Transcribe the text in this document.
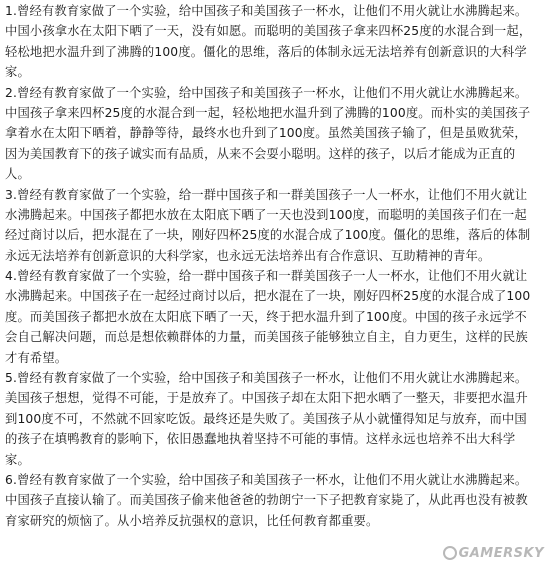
1.曾经有教育家做了一个实验，给中国孩子和美国孩子一杯水，让他们不用火就让水沸腾起来。
中国小孩拿水在太阳下晒了一天，没有如愿。而聪明的美国孩子拿来四杯25度的水混合到一起，
轻松地把水温升到了沸腾的100度。僵化的思维，落后的体制永远无法培养有创新意识的大科学
家。
2.曾经有教育家做了一个实验，给中国孩子和美国孩子一杯水，让他们不用火就让水沸腾起来。
中国孩子拿来四杯25度的水混合到一起，轻松地把水温升到了沸腾的100度。而朴实的美国孩子
拿着水在太阳下晒着，静静等待，最终水也升到了100度。虽然美国孩子输了，但是虽败犹荣，
因为美国教育下的孩子诚实而有品质，从来不会耍小聪明。这样的孩子，以后才能成为正直的
人。
3.曾经有教育家做了一个实验，给一群中国孩子和一群美国孩子一人一杯水，让他们不用火就让
水沸腾起来。中国孩子都把水放在太阳底下晒了一天也没到100度，而聪明的美国孩子们在一起
经过商讨以后，把水混在了一块，刚好四杯25度的水混合成了100度。僵化的思维，落后的体制
永远无法培养有创新意识的大科学家，也永远无法培养出有合作意识、互助精神的青年。
4.曾经有教育家做了一个实验，给一群中国孩子和一群美国孩子一人一杯水，让他们不用火就让
水沸腾起来。中国孩子在一起经过商讨以后，把水混在了一块，刚好四杯25度的水混合成了100
度。而美国孩子都把水放在太阳底下晒了一天，终于把水温升到了100度。中国的孩子永远学不
会自己解决问题，而总是想依赖群体的力量，而美国孩子能够独立自主，自力更生，这样的民族
才有希望。
5.曾经有教育家做了一个实验，给中国孩子和美国孩子一杯水，让他们不用火就让水沸腾起来。
美国孩子想想，觉得不可能，于是放弃了。中国孩子却在太阳下把水晒了一整天，非要把水温升
到100度不可，不然就不回家吃饭。最终还是失败了。美国孩子从小就懂得知足与放弃，而中国
的孩子在填鸭教育的影响下，依旧愚蠢地执着坚持不可能的事情。这样永远也培养不出大科学
家。
6.曾经有教育家做了一个实验，给中国孩子和美国孩子一杯水，让他们不用火就让水沸腾起来。
中国孩子直接认输了。而美国孩子偷来他爸爸的勃朗宁一下子把教育家毙了，从此再也没有被教
育家研究的烦恼了。从小培养反抗强权的意识，比任何教育都重要。
GAMERSKY
